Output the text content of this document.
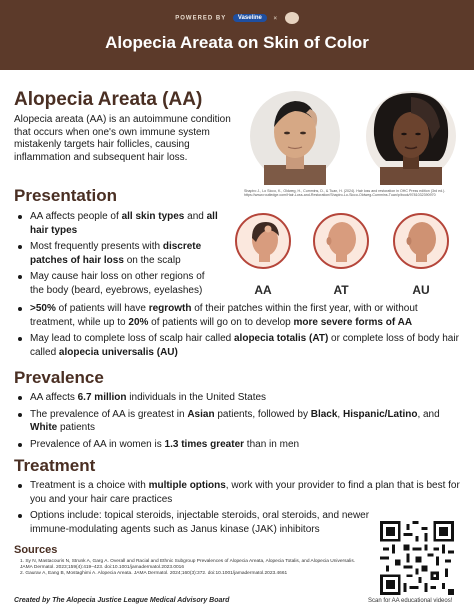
POWERED BY Vaseline ×
Alopecia Areata on Skin of Color
Alopecia Areata (AA)
Alopecia areata (AA) is an autoimmune condition that occurs when one's own immune system mistakenly targets hair follicles, causing inflammation and subsequent hair loss.
Shapiro J., Lo Sicco, K., Oldweg, H., Cummins, D., & Tuan, H. (2024). Hair loss and restoration in OHC Press edition (3rd ed.). https://www.routledge.com/Hair-Loss-and-Restoration/Shapiro-Lo-Sicco-Oldweg-Cummins-Tuan/p/book/9781032390970
AA	AT	AU
Presentation
AA affects people of all skin types and all hair types
Most frequently presents with discrete patches of hair loss on the scalp
May cause hair loss on other regions of the body (beard, eyebrows, eyelashes)
>50% of patients will have regrowth of their patches within the first year, with or without treatment, while up to 20% of patients will go on to develop more severe forms of AA
May lead to complete loss of scalp hair called alopecia totalis (AT) or complete loss of body hair called alopecia universalis (AU)
Prevalence
AA affects 6.7 million individuals in the United States
The prevalence of AA is greatest in Asian patients, followed by Black, Hispanic/Latino, and White patients
Prevalence of AA in women is 1.3 times greater than in men
Treatment
Treatment is a choice with multiple options, work with your provider to find a plan that is best for you and your hair care practices
Options include: topical steroids, injectable steroids, oral steroids, and newer immune-modulating agents such as Janus kinase (JAK) inhibitors
Sources
1. Sy N, Mastacouris N, Strunk A, Garg A. Overall and Racial and Ethnic Subgroup Prevalences of Alopecia Areata, Alopecia Totalis, and Alopecia Universalis. JAMA Dermatol. 2023;159(4):419–423. doi:10.1001/jamadermatol.2023.0016
2. Gaurav A, Eang B, Mostaghimi A. Alopecia Areata. JAMA Dermatol. 2024;160(3):372. doi:10.1001/jamadermatol.2023.4661
Created by The Alopecia Justice League Medical Advisory Board	Scan for AA educational videos!
